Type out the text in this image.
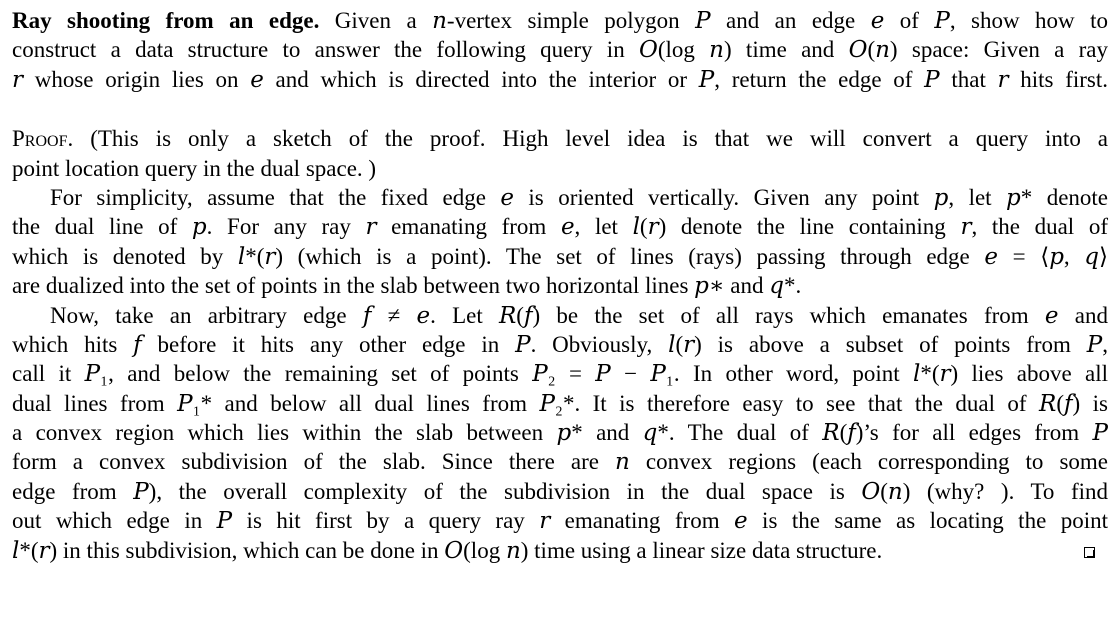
Ray shooting from an edge. Given a 𝑛-vertex simple polygon 𝑃 and an edge 𝑒 of 𝑃, show how to
construct a data structure to answer the following query in 𝑂(log 𝑛) time and 𝑂(𝑛) space: Given a ray
𝑟 whose origin lies on 𝑒 and which is directed into the interior or 𝑃, return the edge of 𝑃 that 𝑟 hits first.
Proof. (This is only a sketch of the proof. High level idea is that we will convert a query into a
point location query in the dual space. )
For simplicity, assume that the fixed edge 𝑒 is oriented vertically. Given any point 𝑝, let 𝑝* denote
the dual line of 𝑝. For any ray 𝑟 emanating from 𝑒, let 𝑙(𝑟) denote the line containing 𝑟, the dual of
which is denoted by 𝑙*(𝑟) (which is a point). The set of lines (rays) passing through edge 𝑒 = ⟨𝑝, 𝑞⟩
are dualized into the set of points in the slab between two horizontal lines 𝑝∗ and 𝑞*.
Now, take an arbitrary edge 𝑓 ≠ 𝑒. Let 𝑅(𝑓) be the set of all rays which emanates from 𝑒 and
which hits 𝑓 before it hits any other edge in 𝑃. Obviously, 𝑙(𝑟) is above a subset of points from 𝑃,
call it 𝑃₁, and below the remaining set of points 𝑃₂ = 𝑃 − 𝑃₁. In other word, point 𝑙*(𝑟) lies above all
dual lines from 𝑃₁* and below all dual lines from 𝑃₂*. It is therefore easy to see that the dual of 𝑅(𝑓) is
a convex region which lies within the slab between 𝑝* and 𝑞*. The dual of 𝑅(𝑓)’s for all edges from 𝑃
form a convex subdivision of the slab. Since there are 𝑛 convex regions (each corresponding to some
edge from 𝑃), the overall complexity of the subdivision in the dual space is 𝑂(𝑛) (why? ). To find
out which edge in 𝑃 is hit first by a query ray 𝑟 emanating from 𝑒 is the same as locating the point
𝑙*(𝑟) in this subdivision, which can be done in 𝑂(log 𝑛) time using a linear size data structure.
